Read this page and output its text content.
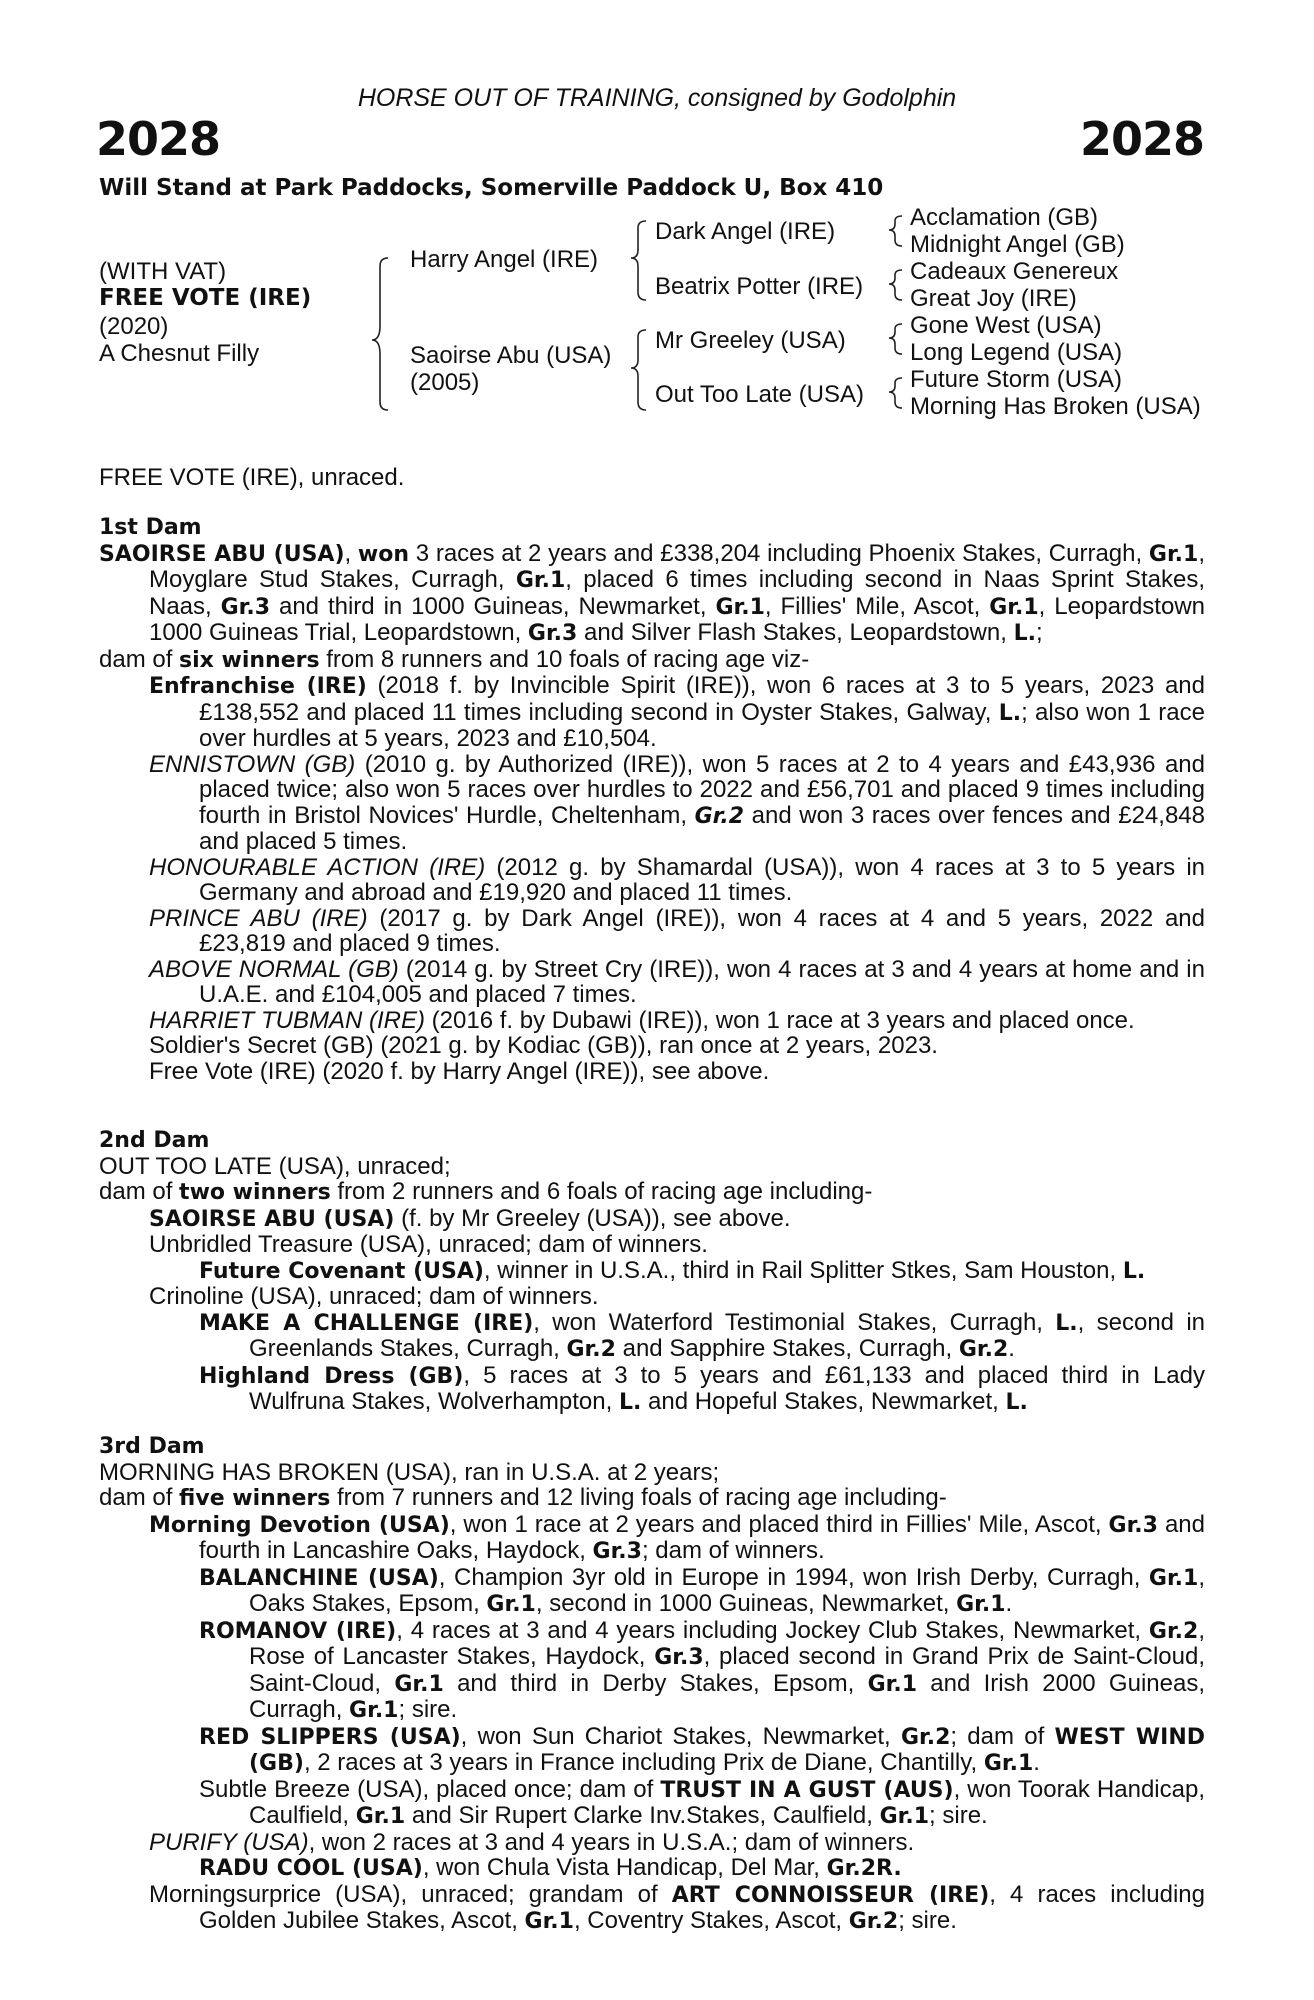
HORSE OUT OF TRAINING, consigned by Godolphin
2028	2028
Will Stand at Park Paddocks, Somerville Paddock U, Box 410
(WITH VAT)
FREE VOTE (IRE)
(2020)
A Chesnut Filly
Harry Angel (IRE)
Saoirse Abu (USA)
(2005)
Dark Angel (IRE)
Beatrix Potter (IRE)
Mr Greeley (USA)
Out Too Late (USA)
Acclamation (GB)
Midnight Angel (GB)
Cadeaux Genereux
Great Joy (IRE)
Gone West (USA)
Long Legend (USA)
Future Storm (USA)
Morning Has Broken (USA)
FREE VOTE (IRE), unraced.

1st Dam

SAOIRSE ABU (USA), won 3 races at 2 years and £338,204 including Phoenix Stakes, Curragh, Gr.1, Moyglare Stud Stakes, Curragh, Gr.1, placed 6 times including second in Naas Sprint Stakes, Naas, Gr.3 and third in 1000 Guineas, Newmarket, Gr.1, Fillies' Mile, Ascot, Gr.1, Leopardstown 1000 Guineas Trial, Leopardstown, Gr.3 and Silver Flash Stakes, Leopardstown, L.;

dam of six winners from 8 runners and 10 foals of racing age viz-

Enfranchise (IRE) (2018 f. by Invincible Spirit (IRE)), won 6 races at 3 to 5 years, 2023 and £138,552 and placed 11 times including second in Oyster Stakes, Galway, L.; also won 1 race over hurdles at 5 years, 2023 and £10,504.

ENNISTOWN (GB) (2010 g. by Authorized (IRE)), won 5 races at 2 to 4 years and £43,936 and placed twice; also won 5 races over hurdles to 2022 and £56,701 and placed 9 times including fourth in Bristol Novices' Hurdle, Cheltenham, Gr.2 and won 3 races over fences and £24,848 and placed 5 times.

HONOURABLE ACTION (IRE) (2012 g. by Shamardal (USA)), won 4 races at 3 to 5 years in Germany and abroad and £19,920 and placed 11 times.

PRINCE ABU (IRE) (2017 g. by Dark Angel (IRE)), won 4 races at 4 and 5 years, 2022 and £23,819 and placed 9 times.

ABOVE NORMAL (GB) (2014 g. by Street Cry (IRE)), won 4 races at 3 and 4 years at home and in U.A.E. and £104,005 and placed 7 times.

HARRIET TUBMAN (IRE) (2016 f. by Dubawi (IRE)), won 1 race at 3 years and placed once.

Soldier's Secret (GB) (2021 g. by Kodiac (GB)), ran once at 2 years, 2023.

Free Vote (IRE) (2020 f. by Harry Angel (IRE)), see above.

2nd Dam

OUT TOO LATE (USA), unraced;

dam of two winners from 2 runners and 6 foals of racing age including-

SAOIRSE ABU (USA) (f. by Mr Greeley (USA)), see above.

Unbridled Treasure (USA), unraced; dam of winners.

Future Covenant (USA), winner in U.S.A., third in Rail Splitter Stkes, Sam Houston, L.

Crinoline (USA), unraced; dam of winners.

MAKE A CHALLENGE (IRE), won Waterford Testimonial Stakes, Curragh, L., second in Greenlands Stakes, Curragh, Gr.2 and Sapphire Stakes, Curragh, Gr.2.

Highland Dress (GB), 5 races at 3 to 5 years and £61,133 and placed third in Lady Wulfruna Stakes, Wolverhampton, L. and Hopeful Stakes, Newmarket, L.

3rd Dam

MORNING HAS BROKEN (USA), ran in U.S.A. at 2 years;

dam of five winners from 7 runners and 12 living foals of racing age including-

Morning Devotion (USA), won 1 race at 2 years and placed third in Fillies' Mile, Ascot, Gr.3 and fourth in Lancashire Oaks, Haydock, Gr.3; dam of winners.

BALANCHINE (USA), Champion 3yr old in Europe in 1994, won Irish Derby, Curragh, Gr.1, Oaks Stakes, Epsom, Gr.1, second in 1000 Guineas, Newmarket, Gr.1.

ROMANOV (IRE), 4 races at 3 and 4 years including Jockey Club Stakes, Newmarket, Gr.2, Rose of Lancaster Stakes, Haydock, Gr.3, placed second in Grand Prix de Saint-Cloud, Saint-Cloud, Gr.1 and third in Derby Stakes, Epsom, Gr.1 and Irish 2000 Guineas, Curragh, Gr.1; sire.

RED SLIPPERS (USA), won Sun Chariot Stakes, Newmarket, Gr.2; dam of WEST WIND (GB), 2 races at 3 years in France including Prix de Diane, Chantilly, Gr.1.

Subtle Breeze (USA), placed once; dam of TRUST IN A GUST (AUS), won Toorak Handicap, Caulfield, Gr.1 and Sir Rupert Clarke Inv.Stakes, Caulfield, Gr.1; sire.

PURIFY (USA), won 2 races at 3 and 4 years in U.S.A.; dam of winners.

RADU COOL (USA), won Chula Vista Handicap, Del Mar, Gr.2R.

Morningsurprice (USA), unraced; grandam of ART CONNOISSEUR (IRE), 4 races including Golden Jubilee Stakes, Ascot, Gr.1, Coventry Stakes, Ascot, Gr.2; sire.
